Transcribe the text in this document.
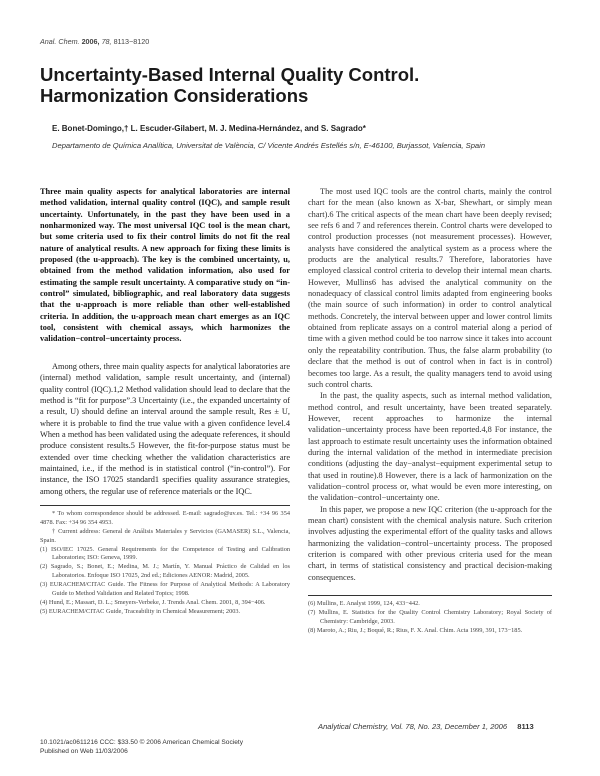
Anal. Chem. 2006, 78, 8113−8120
Uncertainty-Based Internal Quality Control.
Harmonization Considerations
E. Bonet-Domingo,† L. Escuder-Gilabert, M. J. Medina-Hernández, and S. Sagrado*
Departamento de Química Analítica, Universitat de València, C/ Vicente Andrés Estellés s/n, E-46100, Burjassot, Valencia, Spain

Three main quality aspects for analytical laboratories are internal method validation, internal quality control (IQC), and sample result uncertainty. Unfortunately, in the past they have been used in a nonharmonized way. The most universal IQC tool is the mean chart, but some criteria used to fix their control limits do not fit the real nature of analytical results. A new approach for fixing these limits is proposed (the u-approach). The key is the combined uncertainty, u, obtained from the method validation information, also used for estimating the sample result uncertainty. A comparative study on “in-control” simulated, bibliographic, and real laboratory data suggests that the u-approach is more reliable than other well-established criteria. In addition, the u-approach mean chart emerges as an IQC tool, consistent with chemical assays, which harmonizes the validation−control−uncertainty process.

Among others, three main quality aspects for analytical laboratories are (internal) method validation, sample result uncertainty, and (internal) quality control (IQC).1,2 Method validation should lead to declare that the method is “fit for purpose”.3 Uncertainty (i.e., the expanded uncertainty of a result, U) should define an interval around the sample result, Res ± U, where it is probable to find the true value with a given confidence level.4 When a method has been validated using the adequate references, it should produce consistent results.5 However, the fit-for-purpose status must be extended over time checking whether the validation characteristics are maintained, i.e., if the method is in statistical control (“in-control”). For instance, the ISO 17025 standard1 specifies quality assurance strategies, among others, the regular use of reference materials or the IQC.

* To whom correspondence should be addressed. E-mail: sagrado@uv.es. Tel.: +34 96 354 4878. Fax: +34 96 354 4953.

† Current address: General de Análisis Materiales y Servicios (GAMASER) S.L., Valencia, Spain.

(1) ISO/IEC 17025. General Requirements for the Competence of Testing and Calibration Laboratories; ISO: Geneva, 1999.

(2) Sagrado, S.; Bonet, E.; Medina, M. J.; Martín, Y. Manual Práctico de Calidad en los Laboratorios. Enfoque ISO 17025, 2nd ed.; Ediciones AENOR: Madrid, 2005.

(3) EURACHEM/CITAC Guide. The Fitness for Purpose of Analytical Methods: A Laboratory Guide to Method Validation and Related Topics; 1998.

(4) Hund, E.; Massart, D. L.; Smeyers-Verbeke, J. Trends Anal. Chem. 2001, 8, 394−406.

(5) EURACHEM/CITAC Guide, Traceability in Chemical Measurement; 2003.

The most used IQC tools are the control charts, mainly the control chart for the mean (also known as X-bar, Shewhart, or simply mean chart).6 The critical aspects of the mean chart have been deeply revised; see refs 6 and 7 and references therein. Control charts were developed to control production processes (not measurement processes). However, analysts have considered the analytical system as a process where the products are the analytical results.7 Therefore, laboratories have employed classical control criteria to develop their internal mean charts. However, Mullins6 has advised the analytical community on the nonadequacy of classical control limits adapted from engineering books (the main source of such information) in order to control analytical methods. Concretely, the interval between upper and lower control limits obtained from replicate assays on a control material along a period of time with a given method could be too narrow since it takes into account only the repeatability contribution. Thus, the false alarm probability (to declare that the method is out of control when in fact is in control) becomes too large. As a result, the quality managers tend to avoid using such control charts.

In the past, the quality aspects, such as internal method validation, method control, and result uncertainty, have been treated separately. However, recent approaches to harmonize the internal validation−uncertainty process have been reported.4,8 For instance, the last approach to estimate result uncertainty uses the information obtained during the internal validation of the method in intermediate precision conditions (adjusting the day−analyst−equipment experimental setup to that used in routine).8 However, there is a lack of harmonization on the validation−control process or, what would be even more interesting, on the validation−control−uncertainty one.

In this paper, we propose a new IQC criterion (the u-approach for the mean chart) consistent with the chemical analysis nature. Such criterion involves adjusting the experimental effort of the quality tasks and allows harmonizing the validation−control−uncertainty process. The proposed criterion is compared with other previous criteria used for the mean chart, in terms of statistical consistency and practical decision-making consequences.

(6) Mullins, E. Analyst 1999, 124, 433−442.

(7) Mullins, E. Statistics for the Quality Control Chemistry Laboratory; Royal Society of Chemistry: Cambridge, 2003.

(8) Maroto, A.; Riu, J.; Boqué, R.; Rius, F. X. Anal. Chim. Acta 1999, 391, 173−185.

10.1021/ac0611216 CCC: $33.50 © 2006 American Chemical Society
Published on Web 11/03/2006
Analytical Chemistry, Vol. 78, No. 23, December 1, 2006 8113
